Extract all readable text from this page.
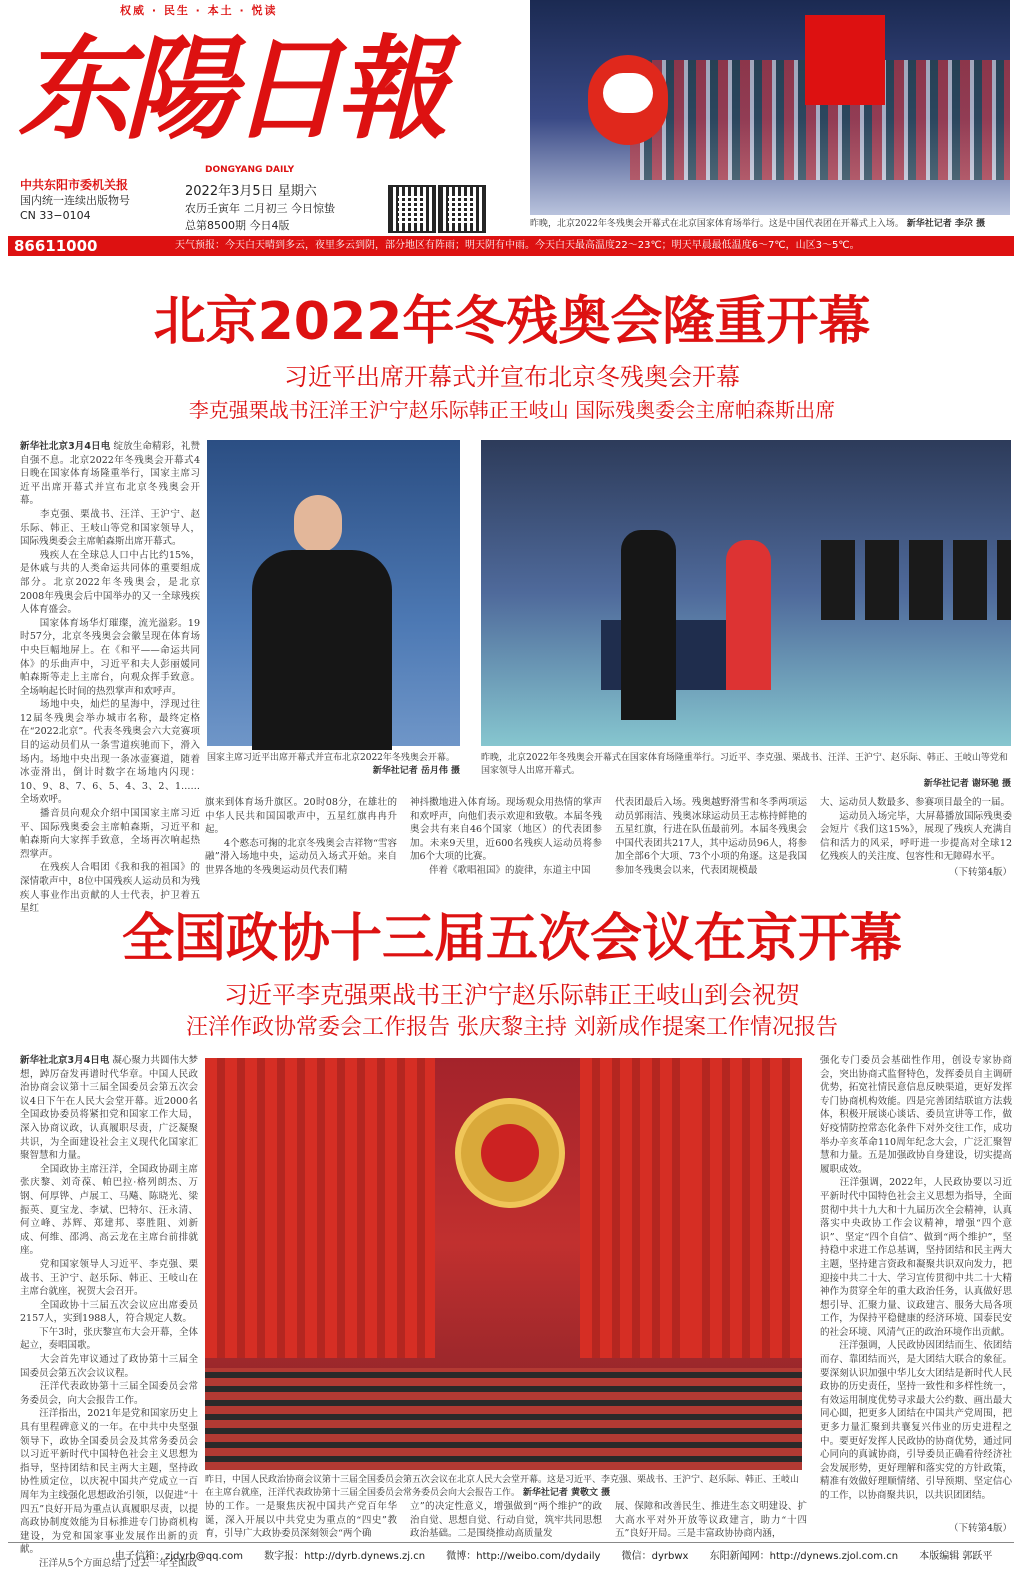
权威 · 民生 · 本土 · 悦读
东陽日報
DONGYANG DAILY
中共东阳市委机关报
国内统一连续出版物号
CN 33−0104
2022年3月5日 星期六
农历壬寅年 二月初三 今日惊蛰
总第8500期 今日4版	昨晚，北京2022年冬残奥会开幕式在北京国家体育场举行。这是中国代表团在开幕式上入场。 新华社记者 李尕 摄
86611000	天气预报：今天白天晴到多云，夜里多云到阴，部分地区有阵雨；明天阴有中雨。今天白天最高温度22～23℃；明天早晨最低温度6～7℃，山区3～5℃。
北京2022年冬残奥会隆重开幕
习近平出席开幕式并宣布北京冬残奥会开幕
李克强栗战书汪洋王沪宁赵乐际韩正王岐山 国际残奥委会主席帕森斯出席
新华社北京3月4日电 绽放生命精彩，礼赞自强不息。北京2022年冬残奥会开幕式4日晚在国家体育场隆重举行，国家主席习近平出席开幕式并宣布北京冬残奥会开幕。
　　李克强、栗战书、汪洋、王沪宁、赵乐际、韩正、王岐山等党和国家领导人，国际残奥委会主席帕森斯出席开幕式。
　　残疾人在全球总人口中占比约15%，是休戚与共的人类命运共同体的重要组成部分。北京2022年冬残奥会，是北京2008年残奥会后中国举办的又一全球残疾人体育盛会。
　　国家体育场华灯璀璨，流光溢彩。19时57分，北京冬残奥会会徽呈现在体育场中央巨幅地屏上。在《和平——命运共同体》的乐曲声中，习近平和夫人彭丽媛同帕森斯等走上主席台，向观众挥手致意。全场响起长时间的热烈掌声和欢呼声。
　　场地中央，灿烂的星海中，浮现过往12届冬残奥会举办城市名称，最终定格在“2022北京”。代表冬残奥会六大竞赛项目的运动员们从一条雪道疾驰而下，滑入场内。场地中央出现一条冰壶赛道，随着冰壶滑出，倒计时数字在场地内闪现：10、9、8、7、6、5、4、3、2、1……全场欢呼。
　　播音员向观众介绍中国国家主席习近平、国际残奥委会主席帕森斯，习近平和帕森斯向大家挥手致意，全场再次响起热烈掌声。
　　在残疾人合唱团《我和我的祖国》的深情歌声中，8位中国残疾人运动员和为残疾人事业作出贡献的人士代表，护卫着五星红
国家主席习近平出席开幕式并宣布北京2022年冬残奥会开幕。
新华社记者 岳月伟 摄
昨晚，北京2022年冬残奥会开幕式在国家体育场隆重举行。习近平、李克强、栗战书、汪洋、王沪宁、赵乐际、韩正、王岐山等党和国家领导人出席开幕式。
新华社记者 谢环驰 摄
旗来到体育场升旗区。20时08分，在雄壮的中华人民共和国国歌声中，五星红旗冉冉升起。
　　4个憨态可掬的北京冬残奥会吉祥物“雪容融”滑入场地中央，运动员入场式开始。来自世界各地的冬残奥运动员代表们精
神抖擞地进入体育场。现场观众用热情的掌声和欢呼声，向他们表示欢迎和致敬。本届冬残奥会共有来自46个国家（地区）的代表团参加。未来9天里，近600名残疾人运动员将参加6个大项的比赛。
　　伴着《歌唱祖国》的旋律，东道主中国
代表团最后入场。残奥越野滑雪和冬季两项运动员郭雨洁、残奥冰球运动员王志栋持鲜艳的五星红旗，行进在队伍最前列。本届冬残奥会中国代表团共217人，其中运动员96人，将参加全部6个大项、73个小项的角逐。这是我国参加冬残奥会以来，代表团规模最
大、运动员人数最多、参赛项目最全的一届。
　　运动员入场完毕，大屏幕播放国际残奥委会短片《我们这15%》，展现了残疾人充满自信和活力的风采，呼吁进一步提高对全球12亿残疾人的关注度、包容性和无障碍水平。
（下转第4版）
全国政协十三届五次会议在京开幕
习近平李克强栗战书王沪宁赵乐际韩正王岐山到会祝贺
汪洋作政协常委会工作报告 张庆黎主持 刘新成作提案工作情况报告
新华社北京3月4日电 凝心聚力共圆伟大梦想，踔厉奋发再谱时代华章。中国人民政治协商会议第十三届全国委员会第五次会议4日下午在人民大会堂开幕。近2000名全国政协委员将紧扣党和国家工作大局，深入协商议政，认真履职尽责，广泛凝聚共识，为全面建设社会主义现代化国家汇聚智慧和力量。
　　全国政协主席汪洋，全国政协副主席张庆黎、刘奇葆、帕巴拉·格列朗杰、万钢、何厚铧、卢展工、马飚、陈晓光、梁振英、夏宝龙、李斌、巴特尔、汪永清、何立峰、苏辉、郑建邦、辜胜阻、刘新成、何维、邵鸿、高云龙在主席台前排就座。
　　党和国家领导人习近平、李克强、栗战书、王沪宁、赵乐际、韩正、王岐山在主席台就座，祝贺大会召开。
　　全国政协十三届五次会议应出席委员2157人，实到1988人，符合规定人数。
　　下午3时，张庆黎宣布大会开幕，全体起立，奏唱国歌。
　　大会首先审议通过了政协第十三届全国委员会第五次会议议程。
　　汪洋代表政协第十三届全国委员会常务委员会，向大会报告工作。
　　汪洋指出，2021年是党和国家历史上具有里程碑意义的一年。在中共中央坚强领导下，政协全国委员会及其常务委员会以习近平新时代中国特色社会主义思想为指导，坚持团结和民主两大主题，坚持政协性质定位，以庆祝中国共产党成立一百周年为主线强化思想政治引领，以促进“十四五”良好开局为重点认真履职尽责，以提高政协制度效能为目标推进专门协商机构建设，为党和国家事业发展作出新的贡献。
　　汪洋从5个方面总结了过去一年全国政
昨日，中国人民政治协商会议第十三届全国委员会第五次会议在北京人民大会堂开幕。这是习近平、李克强、栗战书、王沪宁、赵乐际、韩正、王岐山在主席台就座，汪洋代表政协第十三届全国委员会常务委员会向大会报告工作。 新华社记者 黄敬文 摄
协的工作。一是聚焦庆祝中国共产党百年华诞，深入开展以中共党史为重点的“四史”教育，引导广大政协委员深刻领会“两个确
立”的决定性意义，增强做到“两个维护”的政治自觉、思想自觉、行动自觉，筑牢共同思想政治基础。二是围绕推动高质量发
展、保障和改善民生、推进生态文明建设、扩大高水平对外开放等议政建言，助力“十四五”良好开局。三是丰富政协协商内涵，
强化专门委员会基础性作用，创设专家协商会，突出协商式监督特色，发挥委员自主调研优势，拓宽社情民意信息反映渠道，更好发挥专门协商机构效能。四是完善团结联谊方法载体，积极开展谈心谈话、委员宣讲等工作，做好疫情防控常态化条件下对外交往工作，成功举办辛亥革命110周年纪念大会，广泛汇聚智慧和力量。五是加强政协自身建设，切实提高履职成效。
　　汪洋强调，2022年，人民政协要以习近平新时代中国特色社会主义思想为指导，全面贯彻中共十九大和十九届历次全会精神，认真落实中央政协工作会议精神，增强“四个意识”、坚定“四个自信”、做到“两个维护”，坚持稳中求进工作总基调，坚持团结和民主两大主题，坚持建言资政和凝聚共识双向发力，把迎接中共二十大、学习宣传贯彻中共二十大精神作为贯穿全年的重大政治任务，认真做好思想引导、汇聚力量、议政建言、服务大局各项工作，为保持平稳健康的经济环境、国泰民安的社会环境、风清气正的政治环境作出贡献。
　　汪洋强调，人民政协因团结而生、依团结而存、靠团结而兴，是大团结大联合的象征。要深刻认识加强中华儿女大团结是新时代人民政协的历史责任，坚持一致性和多样性统一，有效运用制度优势寻求最大公约数、画出最大同心圆，把更多人团结在中国共产党周围，把更多力量汇聚到共襄复兴伟业的历史进程之中。要更好发挥人民政协的协商优势，通过同心同向的真诚协商，引导委员正确看待经济社会发展形势，更好理解和落实党的方针政策，精准有效做好理顺情绪、引导预期、坚定信心的工作，以协商聚共识，以共识团团结。
（下转第4版）
电子信箱：zjdyrb@qq.com 数字报：http://dyrb.dynews.zj.cn 微博：http://weibo.com/dydaily 微信：dyrbwx 东阳新闻网：http://dynews.zjol.com.cn 本版编辑 郭跃平
